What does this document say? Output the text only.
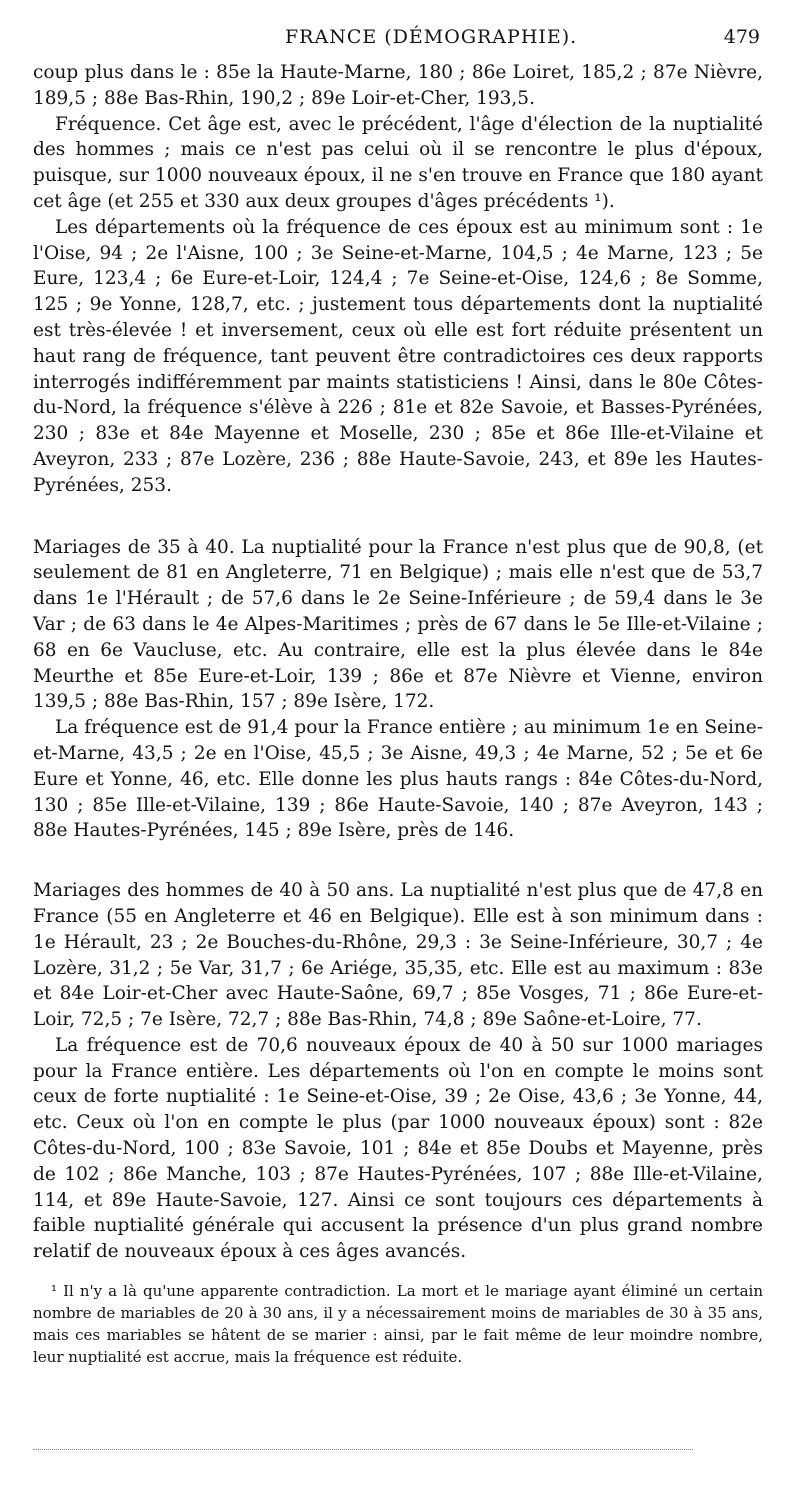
FRANCE (DÉMOGRAPHIE).	479

coup plus dans le : 85e la Haute-Marne, 180 ; 86e Loiret, 185,2 ; 87e Nièvre, 189,5 ; 88e Bas-Rhin, 190,2 ; 89e Loir-et-Cher, 193,5.

Fréquence. Cet âge est, avec le précédent, l'âge d'élection de la nuptialité des hommes ; mais ce n'est pas celui où il se rencontre le plus d'époux, puisque, sur 1000 nouveaux époux, il ne s'en trouve en France que 180 ayant cet âge (et 255 et 330 aux deux groupes d'âges précédents ¹).

Les départements où la fréquence de ces époux est au minimum sont : 1e l'Oise, 94 ; 2e l'Aisne, 100 ; 3e Seine-et-Marne, 104,5 ; 4e Marne, 123 ; 5e Eure, 123,4 ; 6e Eure-et-Loir, 124,4 ; 7e Seine-et-Oise, 124,6 ; 8e Somme, 125 ; 9e Yonne, 128,7, etc. ; justement tous départements dont la nuptialité est très-élevée ! et inversement, ceux où elle est fort réduite présentent un haut rang de fréquence, tant peuvent être contradictoires ces deux rapports interrogés indifféremment par maints statisticiens ! Ainsi, dans le 80e Côtes-du-Nord, la fréquence s'élève à 226 ; 81e et 82e Savoie, et Basses-Pyrénées, 230 ; 83e et 84e Mayenne et Moselle, 230 ; 85e et 86e Ille-et-Vilaine et Aveyron, 233 ; 87e Lozère, 236 ; 88e Haute-Savoie, 243, et 89e les Hautes-Pyrénées, 253.

Mariages de 35 à 40. La nuptialité pour la France n'est plus que de 90,8, (et seulement de 81 en Angleterre, 71 en Belgique) ; mais elle n'est que de 53,7 dans 1e l'Hérault ; de 57,6 dans le 2e Seine-Inférieure ; de 59,4 dans le 3e Var ; de 63 dans le 4e Alpes-Maritimes ; près de 67 dans le 5e Ille-et-Vilaine ; 68 en 6e Vaucluse, etc. Au contraire, elle est la plus élevée dans le 84e Meurthe et 85e Eure-et-Loir, 139 ; 86e et 87e Nièvre et Vienne, environ 139,5 ; 88e Bas-Rhin, 157 ; 89e Isère, 172.

La fréquence est de 91,4 pour la France entière ; au minimum 1e en Seine-et-Marne, 43,5 ; 2e en l'Oise, 45,5 ; 3e Aisne, 49,3 ; 4e Marne, 52 ; 5e et 6e Eure et Yonne, 46, etc. Elle donne les plus hauts rangs : 84e Côtes-du-Nord, 130 ; 85e Ille-et-Vilaine, 139 ; 86e Haute-Savoie, 140 ; 87e Aveyron, 143 ; 88e Hautes-Pyrénées, 145 ; 89e Isère, près de 146.

Mariages des hommes de 40 à 50 ans. La nuptialité n'est plus que de 47,8 en France (55 en Angleterre et 46 en Belgique). Elle est à son minimum dans : 1e Hérault, 23 ; 2e Bouches-du-Rhône, 29,3 : 3e Seine-Inférieure, 30,7 ; 4e Lozère, 31,2 ; 5e Var, 31,7 ; 6e Ariége, 35,35, etc. Elle est au maximum : 83e et 84e Loir-et-Cher avec Haute-Saône, 69,7 ; 85e Vosges, 71 ; 86e Eure-et-Loir, 72,5 ; 7e Isère, 72,7 ; 88e Bas-Rhin, 74,8 ; 89e Saône-et-Loire, 77.

La fréquence est de 70,6 nouveaux époux de 40 à 50 sur 1000 mariages pour la France entière. Les départements où l'on en compte le moins sont ceux de forte nuptialité : 1e Seine-et-Oise, 39 ; 2e Oise, 43,6 ; 3e Yonne, 44, etc. Ceux où l'on en compte le plus (par 1000 nouveaux époux) sont : 82e Côtes-du-Nord, 100 ; 83e Savoie, 101 ; 84e et 85e Doubs et Mayenne, près de 102 ; 86e Manche, 103 ; 87e Hautes-Pyrénées, 107 ; 88e Ille-et-Vilaine, 114, et 89e Haute-Savoie, 127. Ainsi ce sont toujours ces départements à faible nuptialité générale qui accusent la présence d'un plus grand nombre relatif de nouveaux époux à ces âges avancés.

¹ Il n'y a là qu'une apparente contradiction. La mort et le mariage ayant éliminé un certain nombre de mariables de 20 à 30 ans, il y a nécessairement moins de mariables de 30 à 35 ans, mais ces mariables se hâtent de se marier : ainsi, par le fait même de leur moindre nombre, leur nuptialité est accrue, mais la fréquence est réduite.
